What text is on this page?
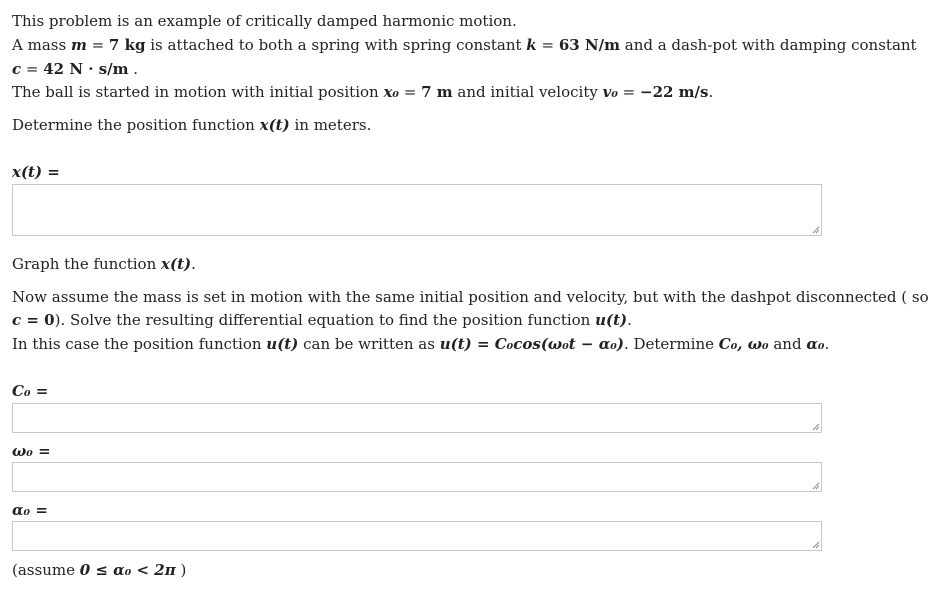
This problem is an example of critically damped harmonic motion.
A mass m = 7 kg is attached to both a spring with spring constant k = 63 N/m and a dash-pot with damping constant
c = 42 N · s/m .
The ball is started in motion with initial position x₀ = 7 m and initial velocity v₀ = −22 m/s.
Determine the position function x(t) in meters.
x(t) =
Graph the function x(t).
Now assume the mass is set in motion with the same initial position and velocity, but with the dashpot disconnected ( so
c = 0). Solve the resulting differential equation to find the position function u(t).
In this case the position function u(t) can be written as u(t) = C₀cos(ω₀t − α₀). Determine C₀, ω₀ and α₀.
C₀ =
ω₀ =
α₀ =
(assume 0 ≤ α₀ < 2π )
